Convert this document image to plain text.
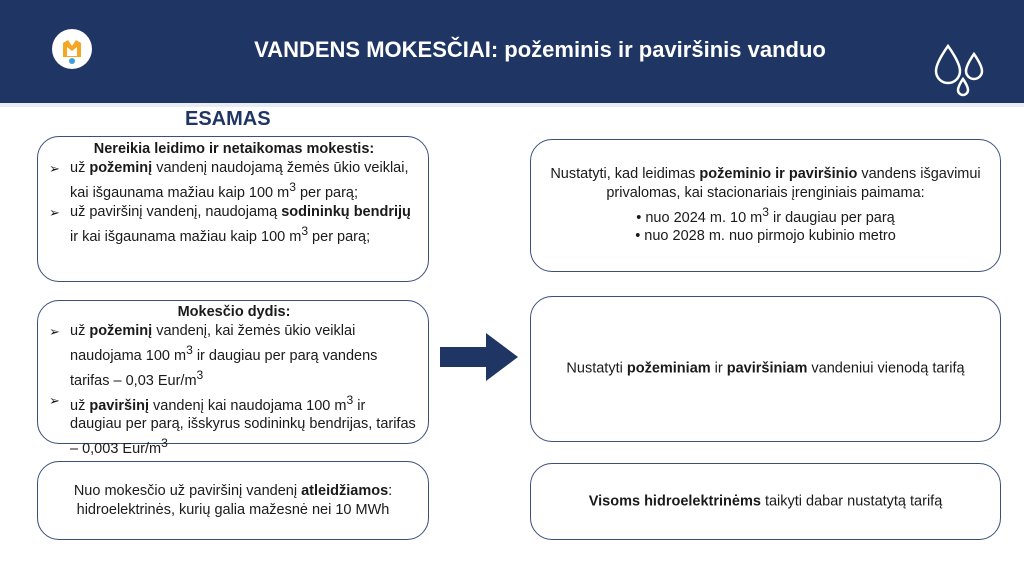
VANDENS MOKESČIAI: požeminis ir paviršinis vanduo
ESAMAS
Nereikia leidimo ir netaikomas mokestis:
➢ už požeminį vandenį naudojamą žemės ūkio veiklai, kai išgaunama mažiau kaip 100 $m^3$ per parą;
➢ už paviršinį vandenį, naudojamą sodininkų bendrijų ir kai išgaunama mažiau kaip 100 $m^3$ per parą;
Mokesčio dydis:
➢ už požeminį vandenį, kai žemės ūkio veiklai naudojama 100 $m^3$ ir daugiau per parą vandens tarifas – 0,03 Eur/$m^3$
➢ už paviršinį vandenį kai naudojama 100 $m^3$ ir daugiau per parą, išskyrus sodininkų bendrijas, tarifas – 0,003 Eur/$m^3$
Nuo mokesčio už paviršinį vandenį atleidžiamos: hidroelektrinės, kurių galia mažesnė nei 10 MWh
Nustatyti, kad leidimas požeminio ir paviršinio vandens išgavimui privalomas, kai stacionariais įrenginiais paimama:
• nuo 2024 m. 10 $m^3$ ir daugiau per parą
• nuo 2028 m. nuo pirmojo kubinio metro
Nustatyti požeminiam ir paviršiniam vandeniui vienodą tarifą
Visoms hidroelektrinėms taikyti dabar nustatytą tarifą
